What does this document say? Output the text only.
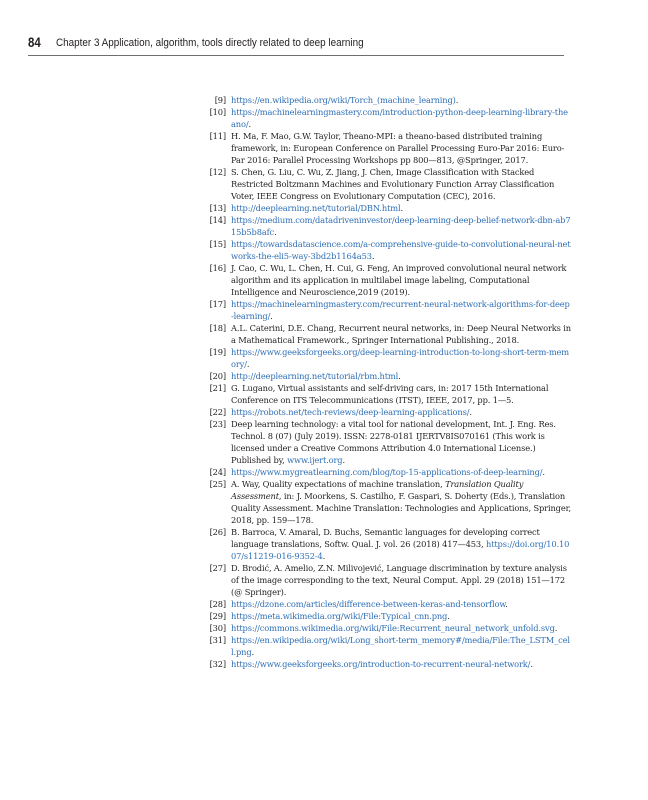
84 Chapter 3 Application, algorithm, tools directly related to deep learning
[9] https://en.wikipedia.org/wiki/Torch_(machine_learning).
[10] https://machinelearningmastery.com/introduction-python-deep-learning-library-theano/.
[11] H. Ma, F. Mao, G.W. Taylor, Theano-MPI: a theano-based distributed training framework, in: European Conference on Parallel Processing Euro-Par 2016: Euro-Par 2016: Parallel Processing Workshops pp 800—813, @Springer, 2017.
[12] S. Chen, G. Liu, C. Wu, Z. Jiang, J. Chen, Image Classification with Stacked Restricted Boltzmann Machines and Evolutionary Function Array Classification Voter, IEEE Congress on Evolutionary Computation (CEC), 2016.
[13] http://deeplearning.net/tutorial/DBN.html.
[14] https://medium.com/datadriveninvestor/deep-learning-deep-belief-network-dbn-ab715b5b8afc.
[15] https://towardsdatascience.com/a-comprehensive-guide-to-convolutional-neural-networks-the-eli5-way-3bd2b1164a53.
[16] J. Cao, C. Wu, L. Chen, H. Cui, G. Feng, An improved convolutional neural network algorithm and its application in multilabel image labeling, Computational Intelligence and Neuroscience,2019 (2019).
[17] https://machinelearningmastery.com/recurrent-neural-network-algorithms-for-deep-learning/.
[18] A.L. Caterini, D.E. Chang, Recurrent neural networks, in: Deep Neural Networks in a Mathematical Framework., Springer International Publishing., 2018.
[19] https://www.geeksforgeeks.org/deep-learning-introduction-to-long-short-term-memory/.
[20] http://deeplearning.net/tutorial/rbm.html.
[21] G. Lugano, Virtual assistants and self-driving cars, in: 2017 15th International Conference on ITS Telecommunications (ITST), IEEE, 2017, pp. 1—5.
[22] https://robots.net/tech-reviews/deep-learning-applications/.
[23] Deep learning technology: a vital tool for national development, Int. J. Eng. Res. Technol. 8 (07) (July 2019). ISSN: 2278-0181 IJERTV8IS070161 (This work is licensed under a Creative Commons Attribution 4.0 International License.) Published by, www.ijert.org.
[24] https://www.mygreatlearning.com/blog/top-15-applications-of-deep-learning/.
[25] A. Way, Quality expectations of machine translation, Translation Quality Assessment, in: J. Moorkens, S. Castilho, F. Gaspari, S. Doherty (Eds.), Translation Quality Assessment. Machine Translation: Technologies and Applications, Springer, 2018, pp. 159—178.
[26] B. Barroca, V. Amaral, D. Buchs, Semantic languages for developing correct language translations, Softw. Qual. J. vol. 26 (2018) 417—453, https://doi.org/10.1007/s11219-016-9352-4.
[27] D. Brodić, A. Amelio, Z.N. Milivojević, Language discrimination by texture analysis of the image corresponding to the text, Neural Comput. Appl. 29 (2018) 151—172 (@ Springer).
[28] https://dzone.com/articles/difference-between-keras-and-tensorflow.
[29] https://meta.wikimedia.org/wiki/File:Typical_cnn.png.
[30] https://commons.wikimedia.org/wiki/File:Recurrent_neural_network_unfold.svg.
[31] https://en.wikipedia.org/wiki/Long_short-term_memory#/media/File:The_LSTM_cell.png.
[32] https://www.geeksforgeeks.org/introduction-to-recurrent-neural-network/.
